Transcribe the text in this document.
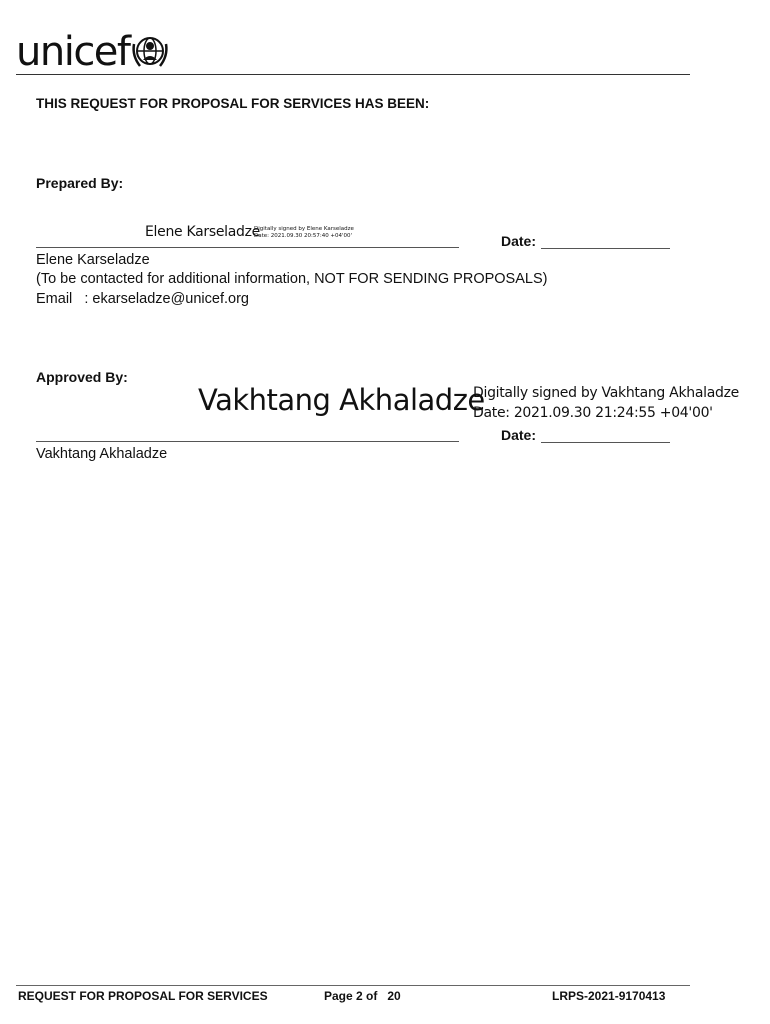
unicef
THIS REQUEST FOR PROPOSAL FOR SERVICES HAS BEEN:
Prepared By:
Elene Karseladze
Digitally signed by Elene Karseladze
Date: 2021.09.30 20:57:40 +04'00'	Date:
Elene Karseladze
(To be contacted for additional information, NOT FOR SENDING PROPOSALS)
Email   : ekarseladze@unicef.org
Approved By:
Vakhtang Akhaladze
Digitally signed by Vakhtang Akhaladze
Date: 2021.09.30 21:24:55 +04'00'
Date:
Vakhtang Akhaladze
REQUEST FOR PROPOSAL FOR SERVICES	Page 2 of   20	LRPS-2021-9170413
